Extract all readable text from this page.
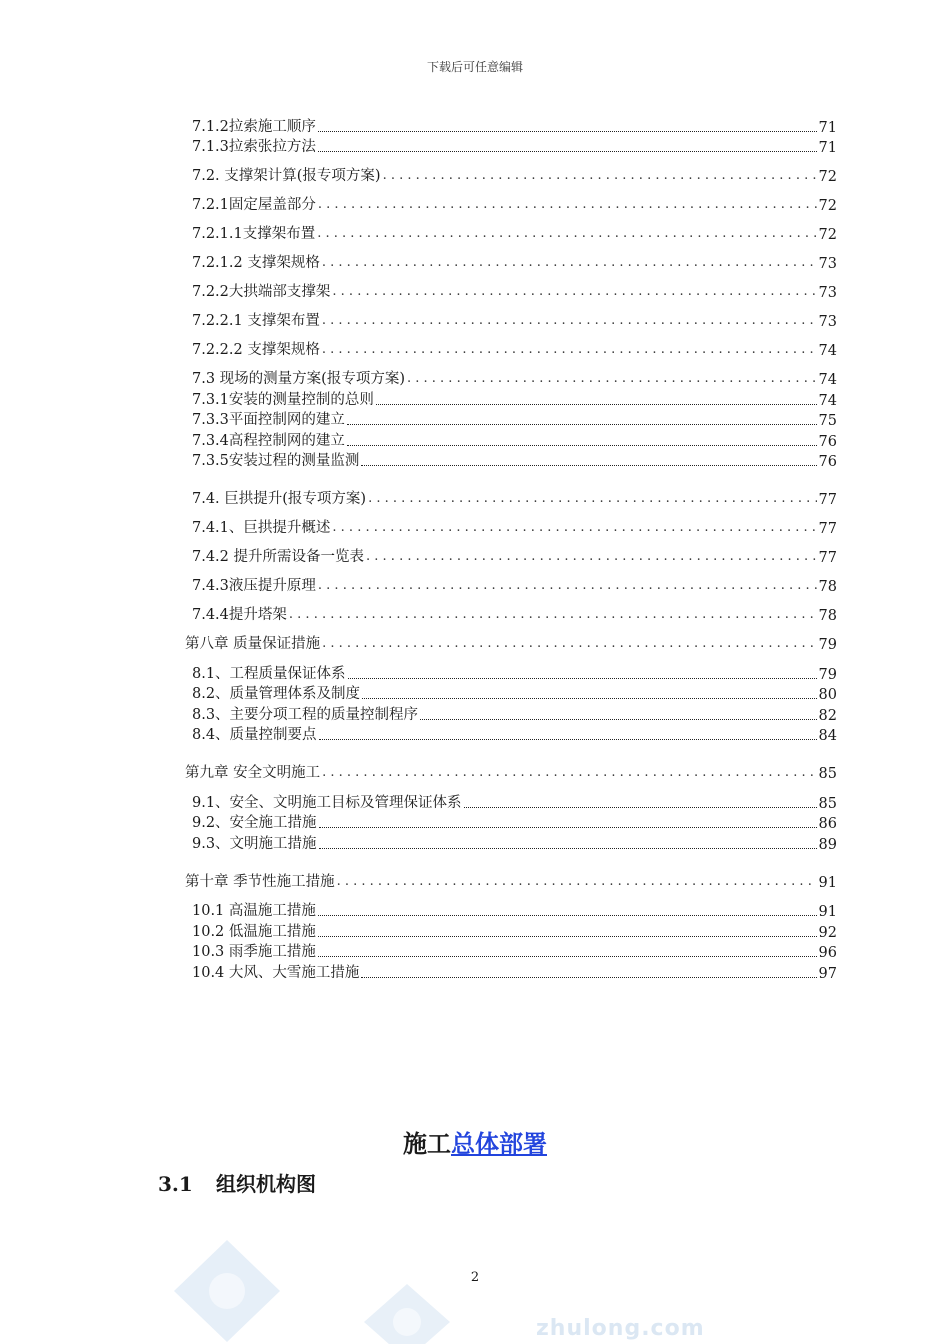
下载后可任意编辑
7.1.2拉索施工顺序	71
7.1.3拉索张拉方法	71
7.2. 支撑架计算(报专项方案) . . .	72
7.2.1固定屋盖部分 . . .	72
7.2.1.1支撑架布置 . . .	72
7.2.1.2 支撑架规格 . . .	73
7.2.2大拱端部支撑架 . . .	73
7.2.2.1 支撑架布置 . . .	73
7.2.2.2 支撑架规格 . . .	74
7.3 现场的测量方案(报专项方案) . . .	74
7.3.1安装的测量控制的总则	74
7.3.3平面控制网的建立	75
7.3.4高程控制网的建立	76
7.3.5安装过程的测量监测	76
7.4. 巨拱提升(报专项方案) . . .	77
7.4.1、巨拱提升概述 . . .	77
7.4.2 提升所需设备一览表 . . .	77
7.4.3液压提升原理 . . .	78
7.4.4提升塔架 . . .	78
第八章 质量保证措施 . . .	79
8.1、工程质量保证体系	79
8.2、质量管理体系及制度	80
8.3、主要分项工程的质量控制程序	82
8.4、质量控制要点	84
第九章 安全文明施工 . . .	85
9.1、安全、文明施工目标及管理保证体系	85
9.2、安全施工措施	86
9.3、文明施工措施	89
第十章 季节性施工措施 . . .	91
10.1 高温施工措施	91
10.2 低温施工措施	92
10.3 雨季施工措施	96
10.4 大风、大雪施工措施	97
施工总体部署
3.1 组织机构图
2
zhulong.com
